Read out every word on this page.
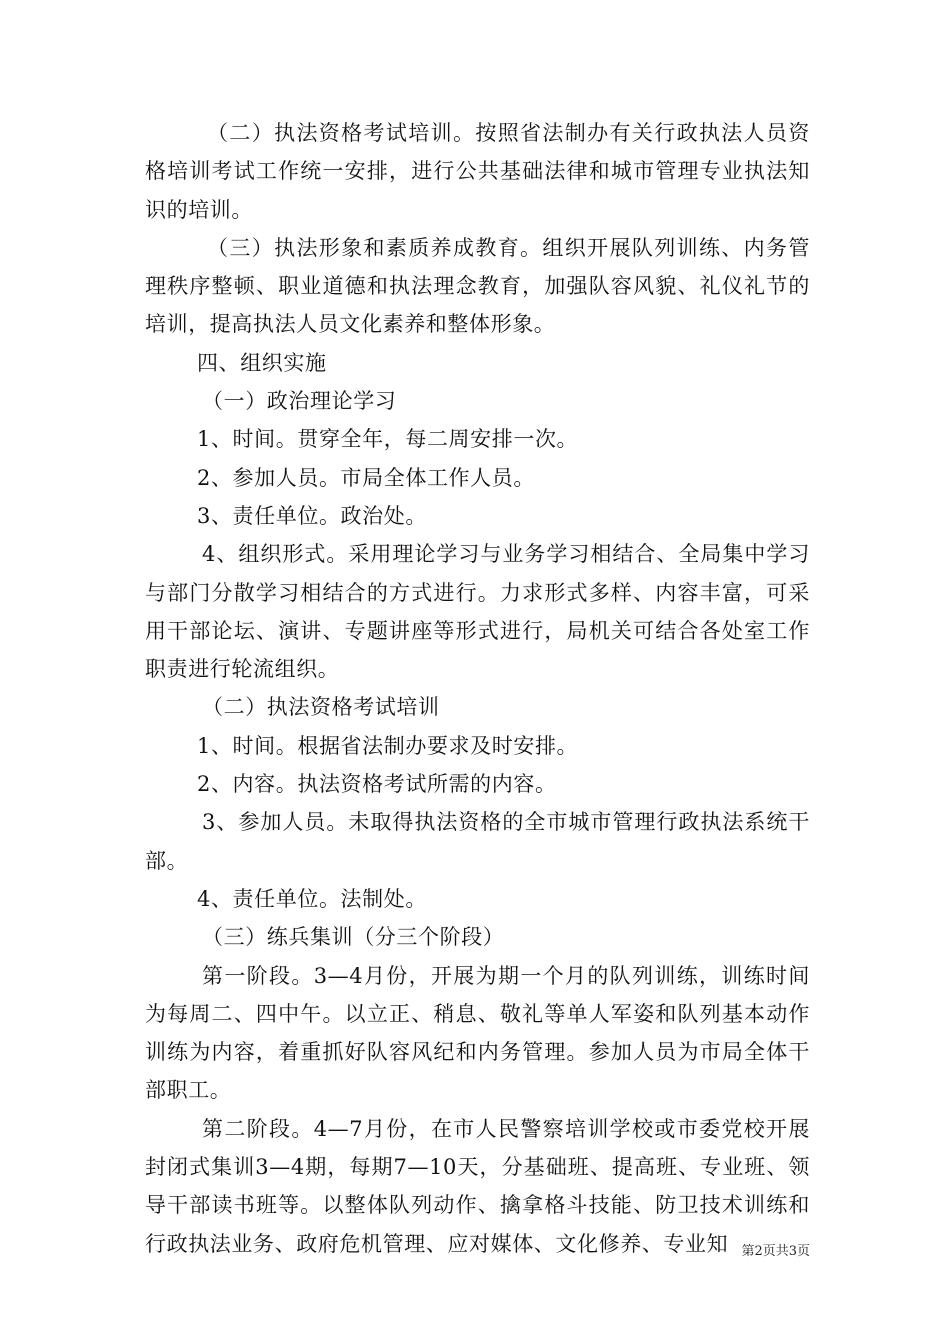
（二）执法资格考试培训。按照省法制办有关行政执法人员资格培训考试工作统一安排，进行公共基础法律和城市管理专业执法知识的培训。

（三）执法形象和素质养成教育。组织开展队列训练、内务管理秩序整顿、职业道德和执法理念教育，加强队容风貌、礼仪礼节的培训，提高执法人员文化素养和整体形象。

四、组织实施

（一）政治理论学习

1、时间。贯穿全年，每二周安排一次。

2、参加人员。市局全体工作人员。

3、责任单位。政治处。

4、组织形式。采用理论学习与业务学习相结合、全局集中学习与部门分散学习相结合的方式进行。力求形式多样、内容丰富，可采用干部论坛、演讲、专题讲座等形式进行，局机关可结合各处室工作职责进行轮流组织。

（二）执法资格考试培训

1、时间。根据省法制办要求及时安排。

2、内容。执法资格考试所需的内容。

3、参加人员。未取得执法资格的全市城市管理行政执法系统干部。

4、责任单位。法制处。

（三）练兵集训（分三个阶段）

第一阶段。3—4月份，开展为期一个月的队列训练，训练时间为每周二、四中午。以立正、稍息、敬礼等单人军姿和队列基本动作训练为内容，着重抓好队容风纪和内务管理。参加人员为市局全体干部职工。

第二阶段。4—7月份，在市人民警察培训学校或市委党校开展封闭式集训3—4期，每期7—10天，分基础班、提高班、专业班、领导干部读书班等。以整体队列动作、擒拿格斗技能、防卫技术训练和行政执法业务、政府危机管理、应对媒体、文化修养、专业知	第2页共3页
